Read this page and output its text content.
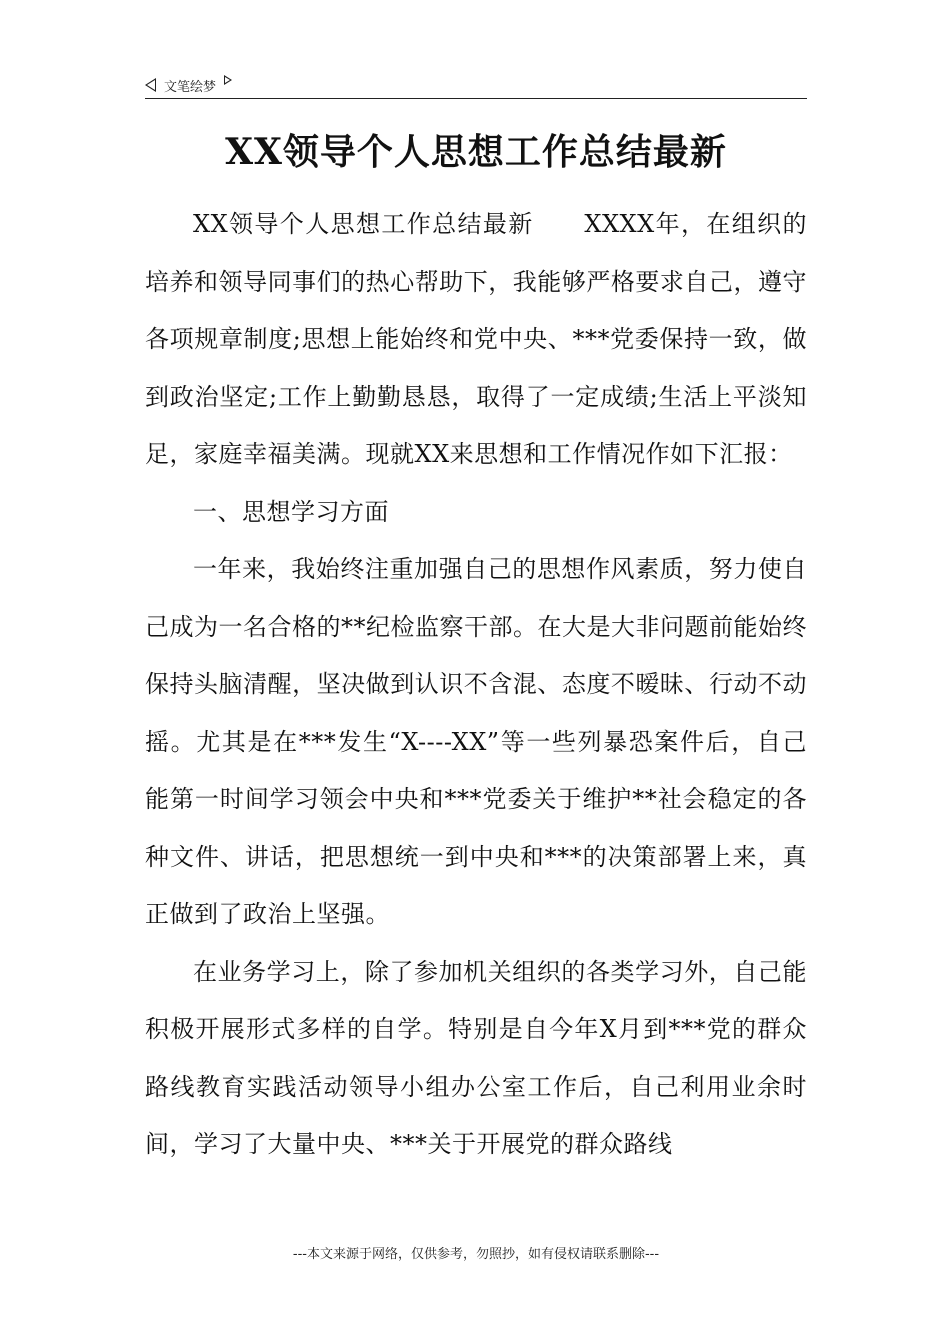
文笔绘梦
XX领导个人思想工作总结最新

XX领导个人思想工作总结最新　　XXXX年，在组织的培养和领导同事们的热心帮助下，我能够严格要求自己，遵守各项规章制度;思想上能始终和党中央、***党委保持一致，做到政治坚定;工作上勤勤恳恳，取得了一定成绩;生活上平淡知足，家庭幸福美满。现就XX来思想和工作情况作如下汇报：

一、思想学习方面

一年来，我始终注重加强自己的思想作风素质，努力使自己成为一名合格的**纪检监察干部。在大是大非问题前能始终保持头脑清醒，坚决做到认识不含混、态度不暧昧、行动不动摇。尤其是在***发生“X----XX”等一些列暴恐案件后，自己能第一时间学习领会中央和***党委关于维护**社会稳定的各种文件、讲话，把思想统一到中央和***的决策部署上来，真正做到了政治上坚强。

在业务学习上，除了参加机关组织的各类学习外，自己能积极开展形式多样的自学。特别是自今年X月到***党的群众路线教育实践活动领导小组办公室工作后，自己利用业余时间，学习了大量中央、***关于开展党的群众路线

---本文来源于网络，仅供参考，勿照抄，如有侵权请联系删除---
